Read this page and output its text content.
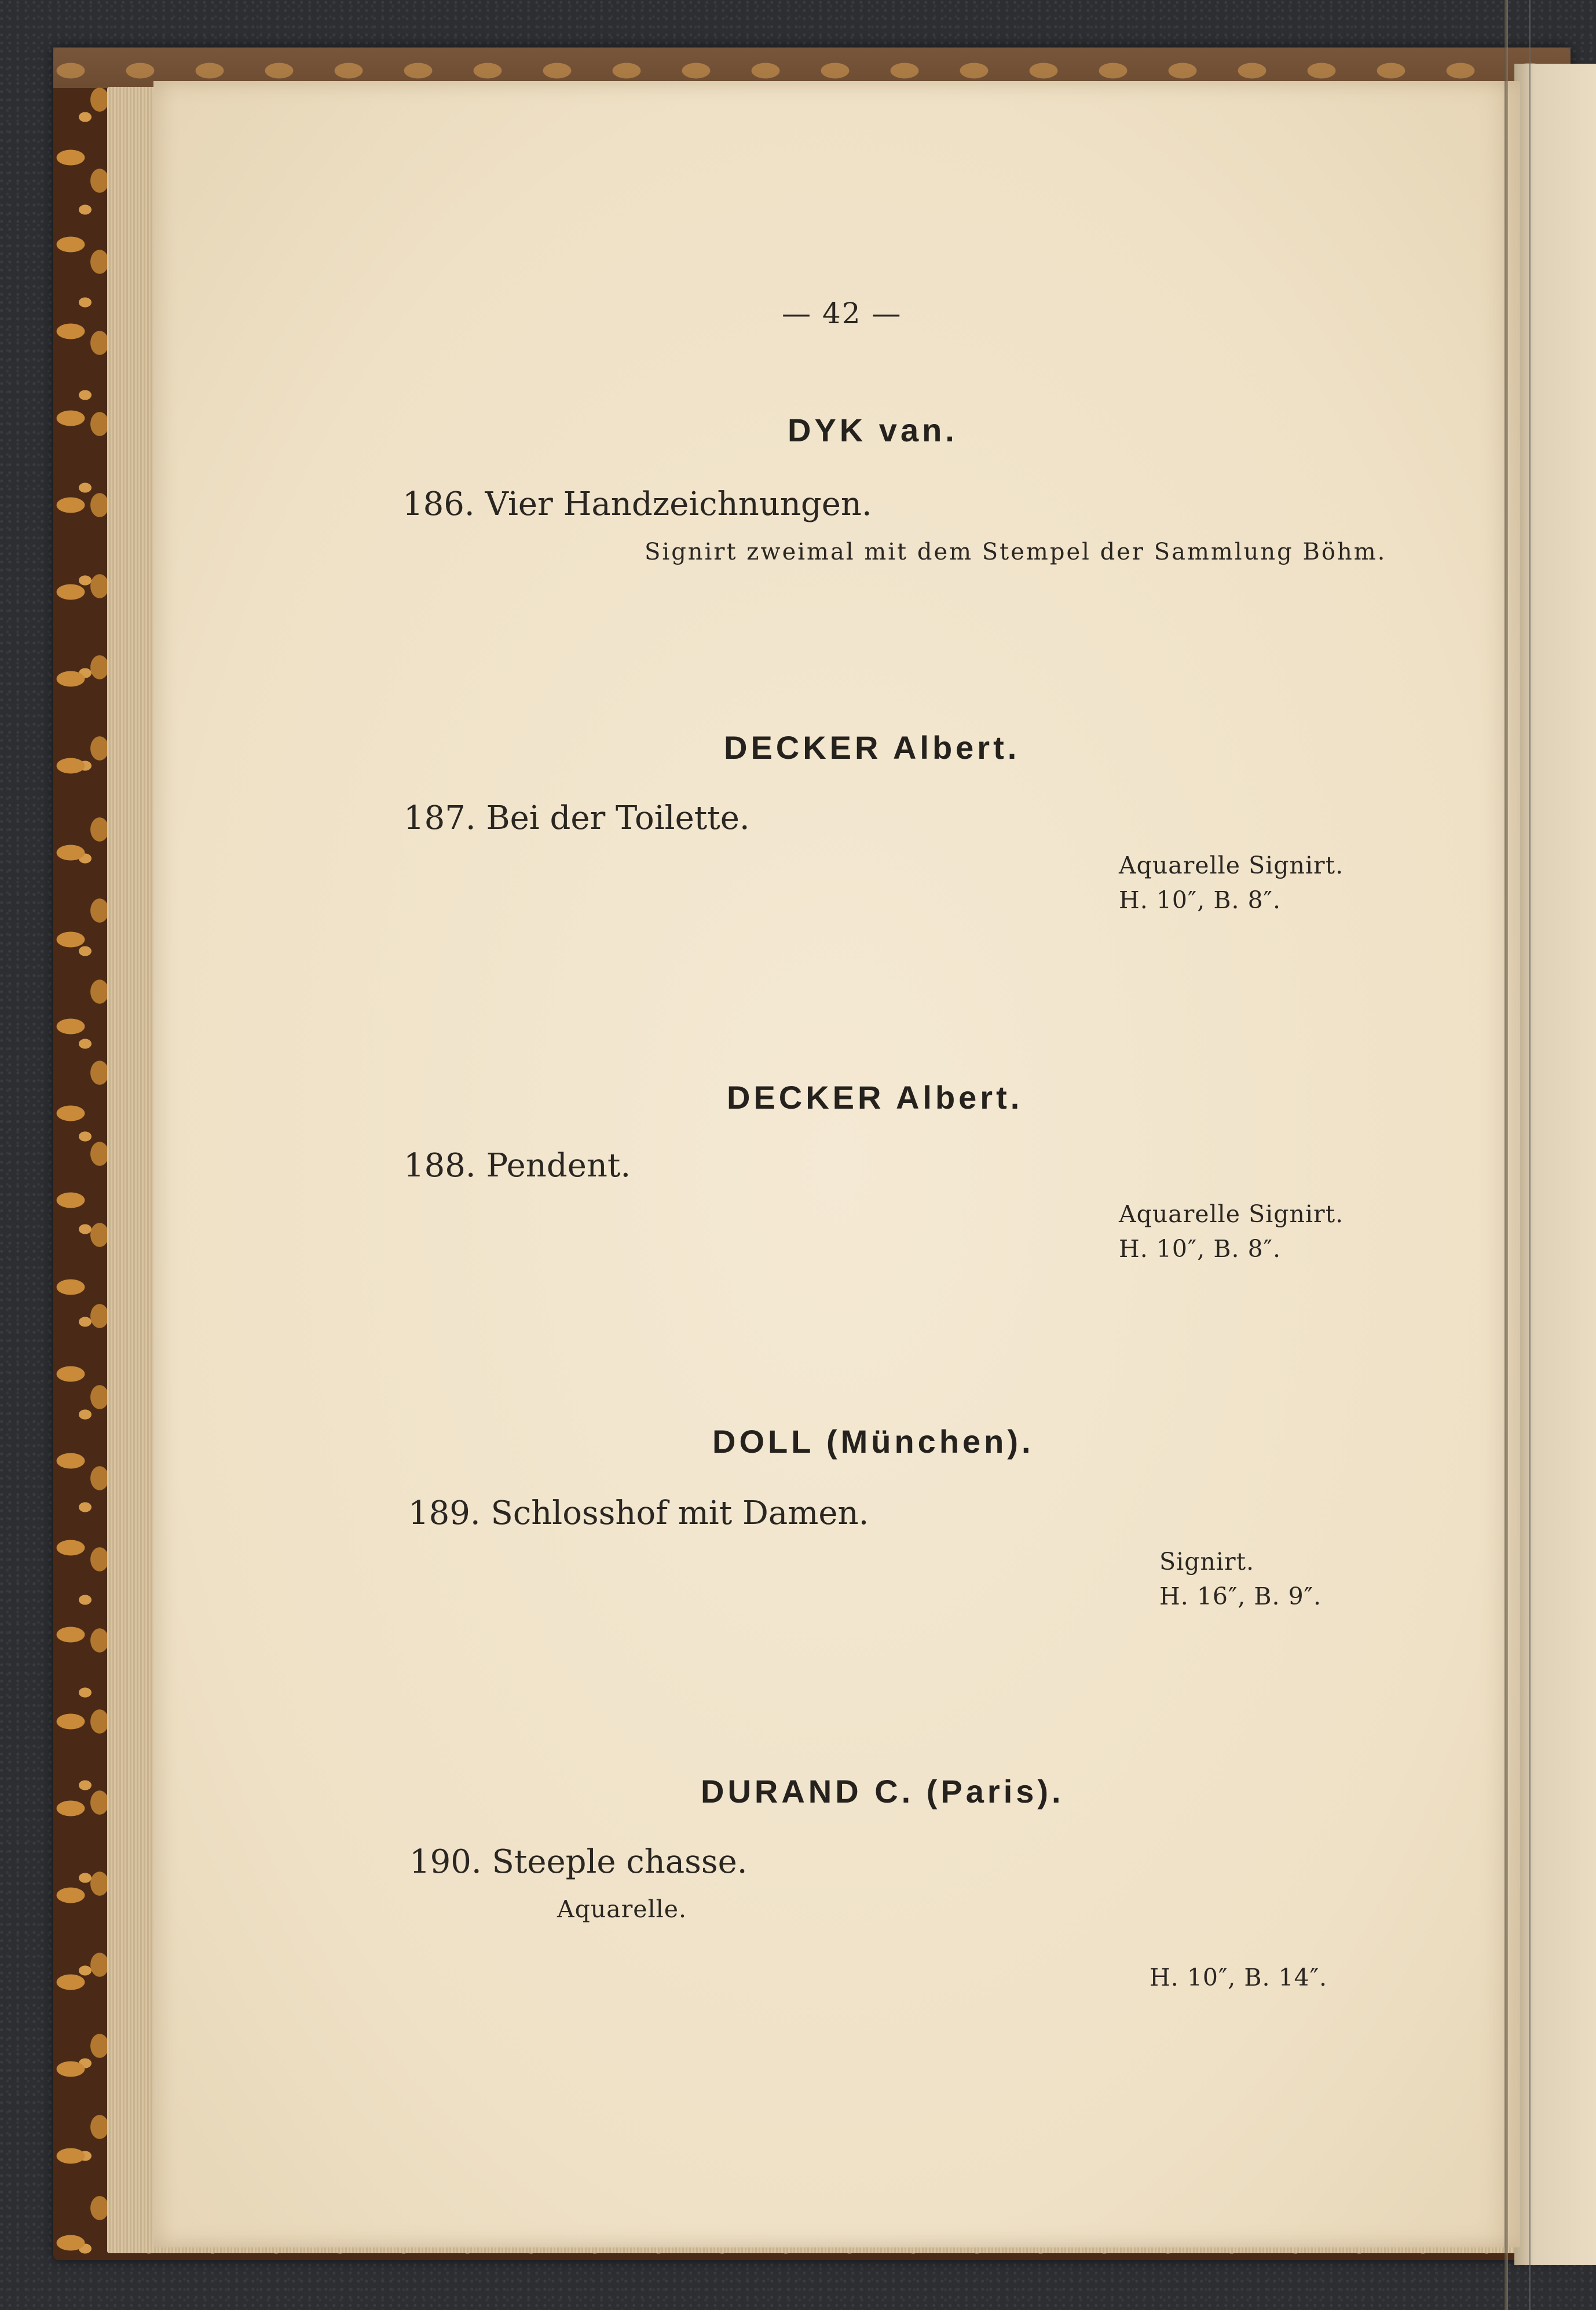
— 42 —
DYK van.
186. Vier Handzeichnungen.
Signirt zweimal mit dem Stempel der Sammlung Böhm.
DECKER Albert.
187. Bei der Toilette.
Aquarelle Signirt.
H. 10″, B. 8″.
DECKER Albert.
188. Pendent.
Aquarelle Signirt.
H. 10″, B. 8″.
DOLL (München).
189. Schlosshof mit Damen.
Signirt.
H. 16″, B. 9″.
DURAND C. (Paris).
190. Steeple chasse.
Aquarelle.
H. 10″, B. 14″.
